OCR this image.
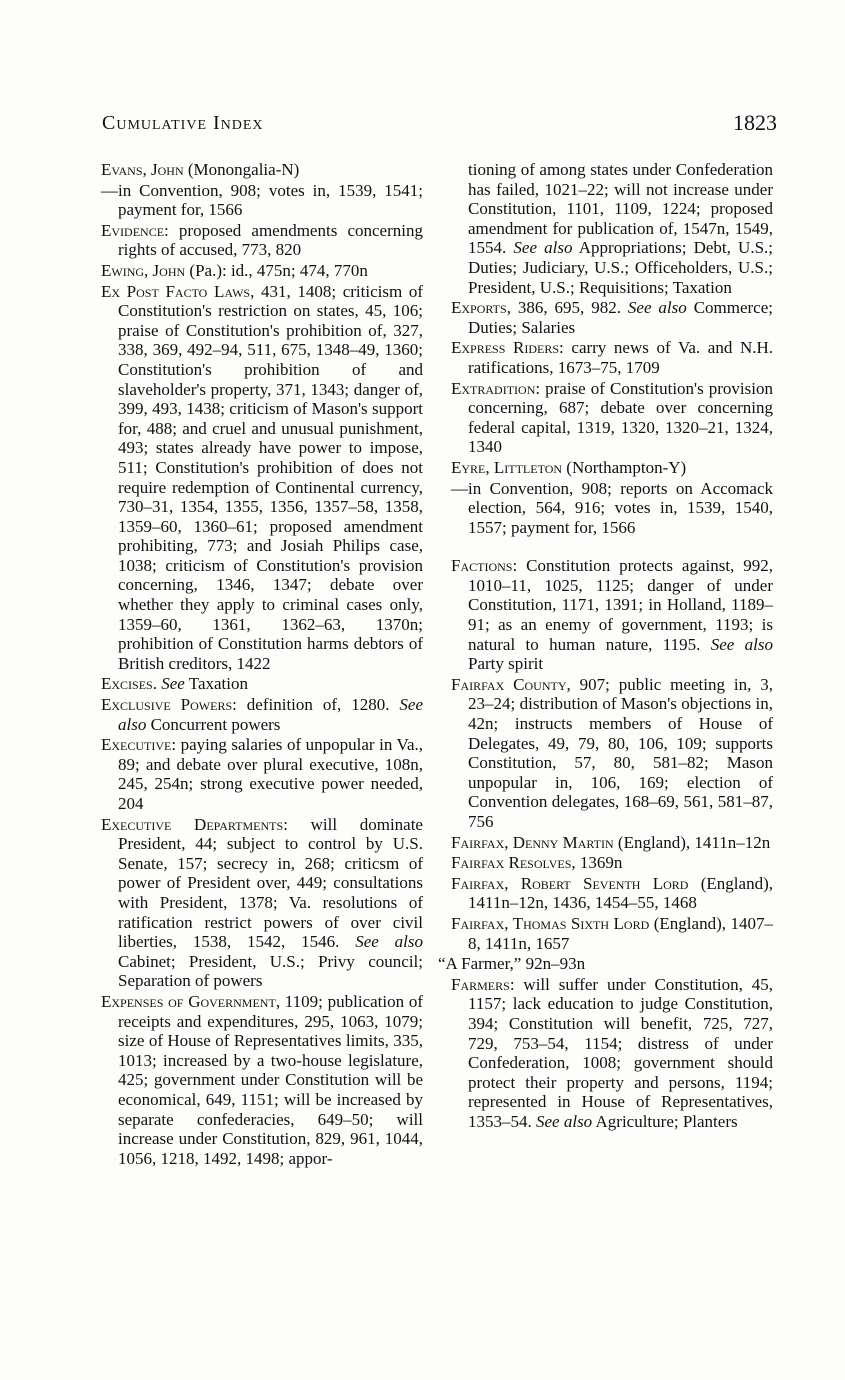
Cumulative Index	1823

Evans, John (Monongalia-N)

—in Convention, 908; votes in, 1539, 1541; payment for, 1566

Evidence: proposed amendments concerning rights of accused, 773, 820

Ewing, John (Pa.): id., 475n; 474, 770n

Ex Post Facto Laws, 431, 1408; criticism of Constitution's restriction on states, 45, 106; praise of Constitution's prohibition of, 327, 338, 369, 492–94, 511, 675, 1348–49, 1360; Constitution's prohibition of and slaveholder's property, 371, 1343; danger of, 399, 493, 1438; criticism of Mason's support for, 488; and cruel and unusual punishment, 493; states already have power to impose, 511; Constitution's prohibition of does not require redemption of Continental currency, 730–31, 1354, 1355, 1356, 1357–58, 1358, 1359–60, 1360–61; proposed amendment prohibiting, 773; and Josiah Philips case, 1038; criticism of Constitution's provision concerning, 1346, 1347; debate over whether they apply to criminal cases only, 1359–60, 1361, 1362–63, 1370n; prohibition of Constitution harms debtors of British creditors, 1422

Excises. See Taxation

Exclusive Powers: definition of, 1280. See also Concurrent powers

Executive: paying salaries of unpopular in Va., 89; and debate over plural executive, 108n, 245, 254n; strong executive power needed, 204

Executive Departments: will dominate President, 44; subject to control by U.S. Senate, 157; secrecy in, 268; criticsm of power of President over, 449; consultations with President, 1378; Va. resolutions of ratification restrict powers of over civil liberties, 1538, 1542, 1546. See also Cabinet; President, U.S.; Privy council; Separation of powers

Expenses of Government, 1109; publication of receipts and expenditures, 295, 1063, 1079; size of House of Representatives limits, 335, 1013; increased by a two-house legislature, 425; government under Constitution will be economical, 649, 1151; will be increased by separate confederacies, 649–50; will increase under Constitution, 829, 961, 1044, 1056, 1218, 1492, 1498; appor-

tioning of among states under Confederation has failed, 1021–22; will not increase under Constitution, 1101, 1109, 1224; proposed amendment for publication of, 1547n, 1549, 1554. See also Appropriations; Debt, U.S.; Duties; Judiciary, U.S.; Officeholders, U.S.; President, U.S.; Requisitions; Taxation

Exports, 386, 695, 982. See also Commerce; Duties; Salaries

Express Riders: carry news of Va. and N.H. ratifications, 1673–75, 1709

Extradition: praise of Constitution's provision concerning, 687; debate over concerning federal capital, 1319, 1320, 1320–21, 1324, 1340

Eyre, Littleton (Northampton-Y)

—in Convention, 908; reports on Accomack election, 564, 916; votes in, 1539, 1540, 1557; payment for, 1566

Factions: Constitution protects against, 992, 1010–11, 1025, 1125; danger of under Constitution, 1171, 1391; in Holland, 1189–91; as an enemy of government, 1193; is natural to human nature, 1195. See also Party spirit

Fairfax County, 907; public meeting in, 3, 23–24; distribution of Mason's objections in, 42n; instructs members of House of Delegates, 49, 79, 80, 106, 109; supports Constitution, 57, 80, 581–82; Mason unpopular in, 106, 169; election of Convention delegates, 168–69, 561, 581–87, 756

Fairfax, Denny Martin (England), 1411n–12n

Fairfax Resolves, 1369n

Fairfax, Robert Seventh Lord (England), 1411n–12n, 1436, 1454–55, 1468

Fairfax, Thomas Sixth Lord (England), 1407–8, 1411n, 1657

“A Farmer,” 92n–93n

Farmers: will suffer under Constitution, 45, 1157; lack education to judge Constitution, 394; Constitution will benefit, 725, 727, 729, 753–54, 1154; distress of under Confederation, 1008; government should protect their property and persons, 1194; represented in House of Representatives, 1353–54. See also Agriculture; Planters
